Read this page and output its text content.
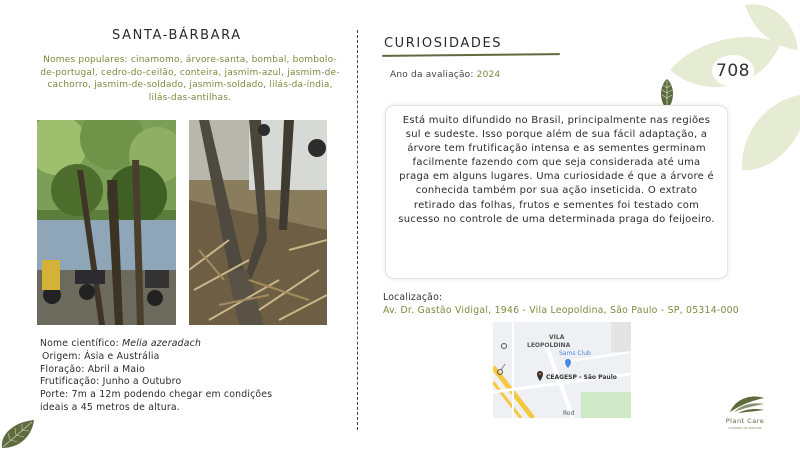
708
SANTA-BÁRBARA
Nomes populares: cinamomo, árvore-santa, bombal, bombolo-de-portugal, cedro-do-ceilão, conteira, jasmim-azul, jasmim-de-cachorro, jasmim-de-soldado, jasmim-soldado, lilás-da-índia, lilás-das-antilhas.
Nome científico: Melia azeradach
Origem: Ásia e Austrália
Floração: Abril a Maio
Frutificação: Junho a Outubro
Porte: 7m a 12m podendo chegar em condições
ideais a 45 metros de altura.
CURIOSIDADES
Ano da avaliação: 2024

Está muito difundido no Brasil, principalmente nas regiões sul e sudeste. Isso porque além de sua fácil adaptação, a árvore tem frutificação intensa e as sementes germinam facilmente fazendo com que seja considerada até uma praga em alguns lugares. Uma curiosidade é que a árvore é conhecida também por sua ação inseticida. O extrato retirado das folhas, frutos e sementes foi testado com sucesso no controle de uma determinada praga do feijoeiro.

Localização:
Av. Dr. Gastão Vidigal, 1946 - Vila Leopoldina, São Paulo - SP, 05314-000
VILA
LEOPOLDINA
Sams Club
CEAGESP - São Paulo
Rod
Plant Care
cuidado de plantas
